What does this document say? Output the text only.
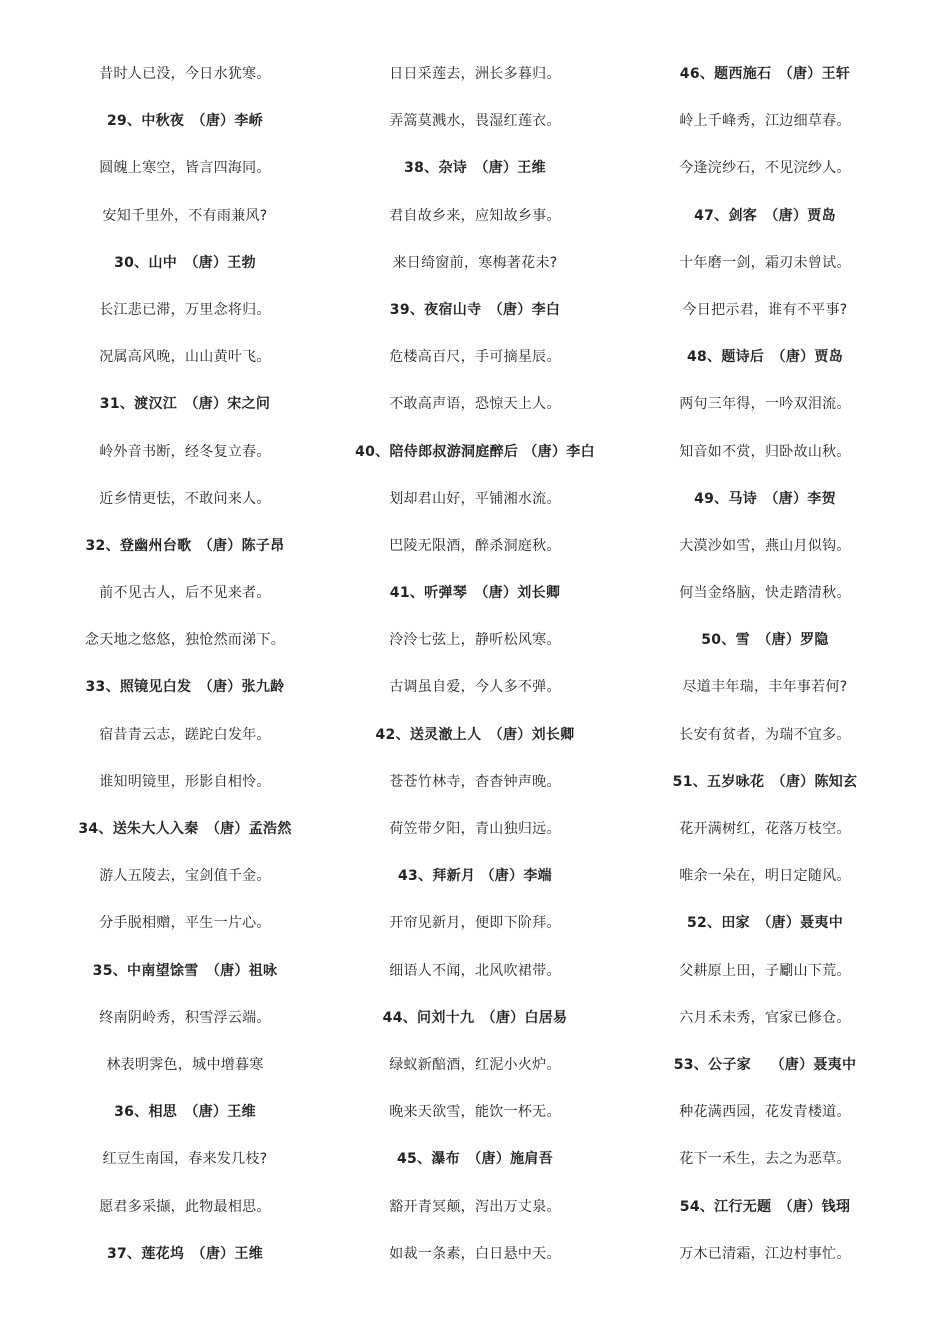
昔时人已没，今日水犹寒。
29、中秋夜　（唐）李峤
圆魄上寒空，皆言四海同。
安知千里外，不有雨兼风?
30、山中　（唐）王勃
长江悲已滞，万里念将归。
况属高风晚，山山黄叶飞。
31、渡汉江　（唐）宋之问
岭外音书断，经冬复立春。
近乡情更怯，不敢问来人。
32、登幽州台歌　（唐）陈子昂
前不见古人，后不见来者。
念天地之悠悠，独怆然而涕下。
33、照镜见白发　（唐）张九龄
宿昔青云志，蹉跎白发年。
谁知明镜里，形影自相怜。
34、送朱大人入秦　（唐）孟浩然
游人五陵去，宝剑值千金。
分手脱相赠，平生一片心。
35、中南望馀雪　（唐）祖咏
终南阴岭秀，积雪浮云端。
林表明霁色，城中增暮寒
36、相思　（唐）王维
红豆生南国，春来发几枝?
愿君多采撷，此物最相思。
37、莲花坞　（唐）王维
日日采莲去，洲长多暮归。
弄篙莫溅水，畏湿红莲衣。
38、杂诗　（唐）王维
君自故乡来，应知故乡事。
来日绮窗前，寒梅著花未?
39、夜宿山寺　（唐）李白
危楼高百尺，手可摘星辰。
不敢高声语，恐惊天上人。
40、陪侍郎叔游洞庭醉后 （唐）李白
划却君山好，平铺湘水流。
巴陵无限酒，醉杀洞庭秋。
41、听弹琴　（唐）刘长卿
泠泠七弦上，静听松风寒。
古调虽自爱，今人多不弹。
42、送灵澈上人　（唐）刘长卿
苍苍竹林寺，杳杳钟声晚。
荷笠带夕阳，青山独归远。
43、拜新月 （唐）李端
开帘见新月，便即下阶拜。
细语人不闻，北风吹裙带。
44、问刘十九　（唐）白居易
绿蚁新醅酒，红泥小火炉。
晚来天欲雪，能饮一杯无。
45、瀑布　（唐）施肩吾
豁开青冥颠，泻出万丈泉。
如裁一条素，白日悬中天。
46、题西施石　（唐）王轩
岭上千峰秀，江边细草春。
今逢浣纱石，不见浣纱人。
47、剑客　（唐）贾岛
十年磨一剑，霜刃未曾试。
今日把示君，谁有不平事?
48、题诗后　（唐）贾岛
两句三年得，一吟双泪流。
知音如不赏，归卧故山秋。
49、马诗　（唐）李贺
大漠沙如雪，燕山月似钩。
何当金络脑，快走踏清秋。
50、雪　（唐）罗隐
尽道丰年瑞，丰年事若何?
长安有贫者，为瑞不宜多。
51、五岁咏花　（唐）陈知玄
花开满树红，花落万枝空。
唯余一朵在，明日定随风。
52、田家　（唐）聂夷中
父耕原上田，子劚山下荒。
六月禾未秀，官家已修仓。
53、公子家　 （唐）聂夷中
种花满西园，花发青楼道。
花下一禾生，去之为恶草。
54、江行无题　（唐）钱珝
万木已清霜，江边村事忙。
